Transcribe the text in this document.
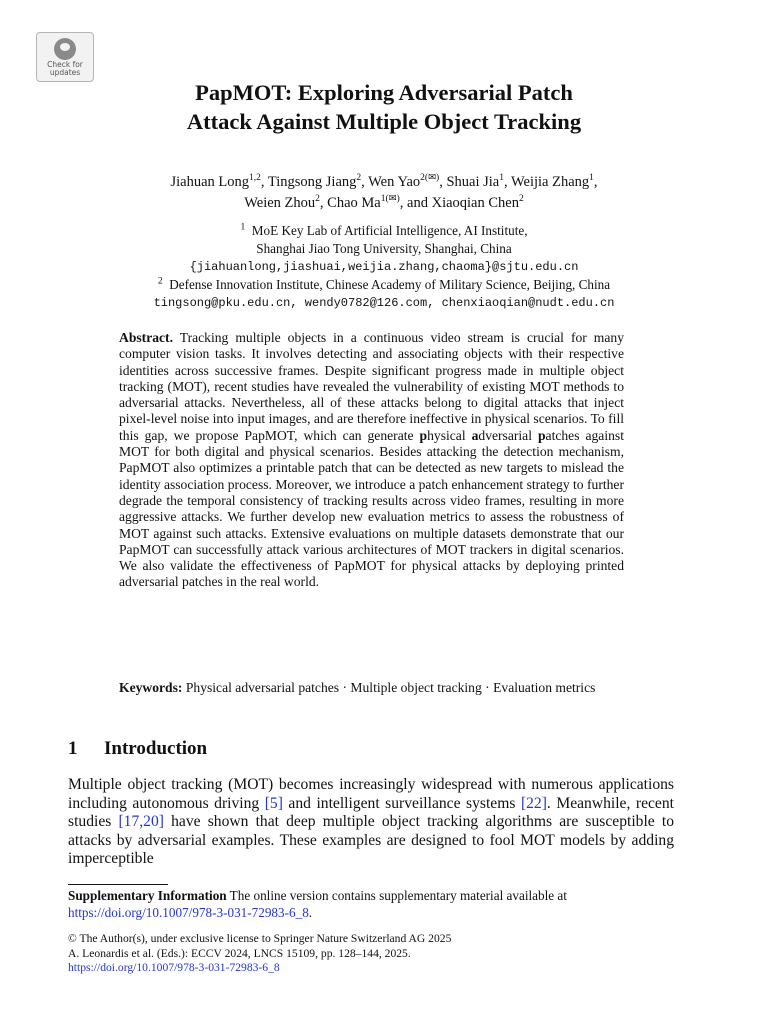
Check for
updates
PapMOT: Exploring Adversarial Patch
Attack Against Multiple Object Tracking
Jiahuan Long$^{1,2}$, Tingsong Jiang$^2$, Wen Yao$^{2(✉)}$, Shuai Jia$^1$, Weijia Zhang$^1$,
Weien Zhou$^2$, Chao $Ma^{1(✉)}$, and Xiaoqian Chen$^2$
$^1$ MoE Key Lab of Artificial Intelligence, AI Institute,
Shanghai Jiao Tong University, Shanghai, China
{jiahuanlong,jiashuai,weijia.zhang,chaoma}@sjtu.edu.cn
$^2$ Defense Innovation Institute, Chinese Academy of Military Science, Beijing, China
tingsong@pku.edu.cn, wendy0782@126.com, chenxiaoqian@nudt.edu.cn
Abstract. Tracking multiple objects in a continuous video stream is crucial for many computer vision tasks. It involves detecting and associating objects with their respective identities across successive frames. Despite significant progress made in multiple object tracking (MOT), recent studies have revealed the vulnerability of existing MOT methods to adversarial attacks. Nevertheless, all of these attacks belong to digital attacks that inject pixel-level noise into input images, and are therefore ineffective in physical scenarios. To fill this gap, we propose PapMOT, which can generate physical adversarial patches against MOT for both digital and physical scenarios. Besides attacking the detection mechanism, PapMOT also optimizes a printable patch that can be detected as new targets to mislead the identity association process. Moreover, we introduce a patch enhancement strategy to further degrade the temporal consistency of tracking results across video frames, resulting in more aggressive attacks. We further develop new evaluation metrics to assess the robustness of MOT against such attacks. Extensive evaluations on multiple datasets demonstrate that our PapMOT can successfully attack various architectures of MOT trackers in digital scenarios. We also validate the effectiveness of PapMOT for physical attacks by deploying printed adversarial patches in the real world.
Keywords: Physical adversarial patches · Multiple object tracking · Evaluation metrics
1 Introduction
Multiple object tracking (MOT) becomes increasingly widespread with numerous applications including autonomous driving [5] and intelligent surveillance systems [22]. Meanwhile, recent studies [17,20] have shown that deep multiple object tracking algorithms are susceptible to attacks by adversarial examples. These examples are designed to fool MOT models by adding imperceptible
Supplementary Information The online version contains supplementary material available at https://doi.org/10.1007/978-3-031-72983-6_8.
© The Author(s), under exclusive license to Springer Nature Switzerland AG 2025
A. Leonardis et al. (Eds.): ECCV 2024, LNCS 15109, pp. 128–144, 2025.
https://doi.org/10.1007/978-3-031-72983-6_8
